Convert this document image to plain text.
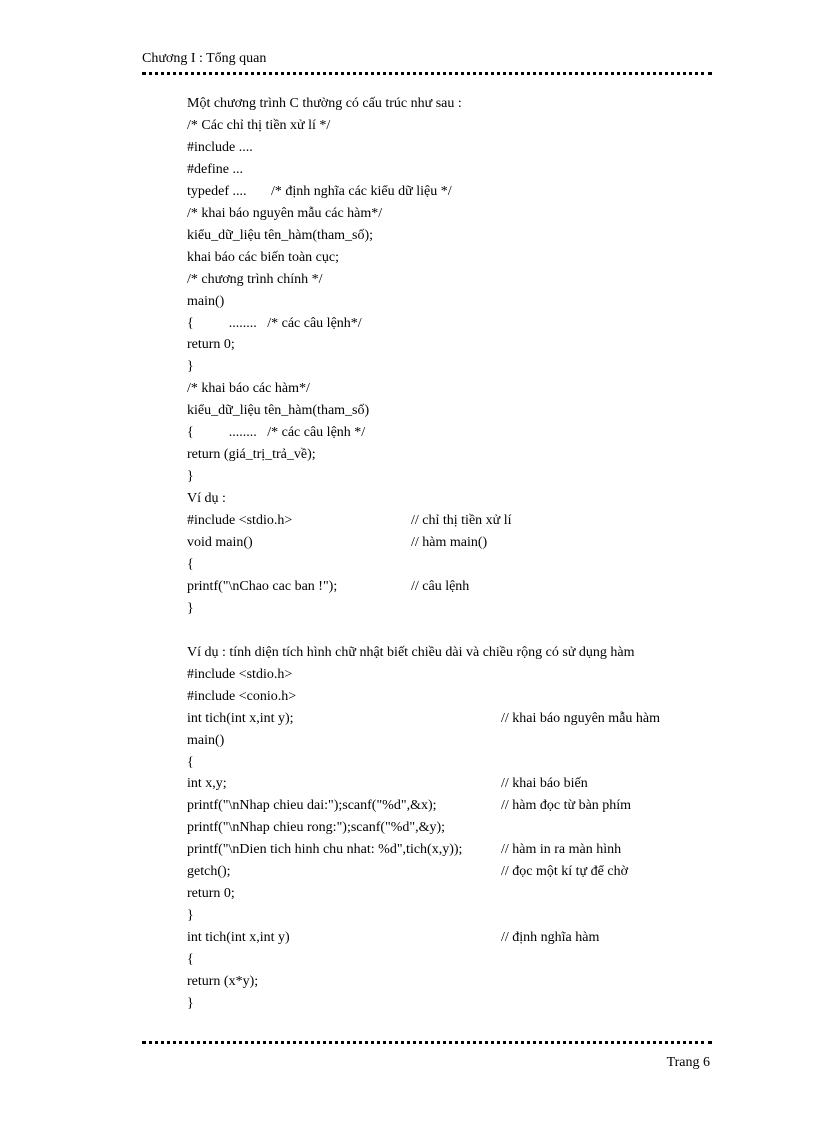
Chương I : Tổng quan
Một chương trình C thường có cấu trúc như sau :
/* Các chỉ thị tiền xử lí */
#include ....
#define ...
typedef ....       /* định nghĩa các kiểu dữ liệu */
/* khai báo nguyên mẫu các hàm*/
kiểu_dữ_liệu tên_hàm(tham_số);
khai báo các biến toàn cục;
/* chương trình chính */
main()
{          ........   /* các câu lệnh*/
return 0;
}
/* khai báo các hàm*/
kiểu_dữ_liệu tên_hàm(tham_số)
{          ........   /* các câu lệnh */
return (giá_trị_trả_về);
}
Ví dụ :
#include <stdio.h>	// chỉ thị tiền xử lí
void main()	// hàm main()
{
printf("\nChao cac ban !");	// câu lệnh
}
Ví dụ : tính diện tích hình chữ nhật biết chiều dài và chiều rộng có sử dụng hàm
#include <stdio.h>
#include <conio.h>
int tich(int x,int y);	// khai báo nguyên mẫu hàm
main()
{
int x,y;	// khai báo biến
printf("\nNhap chieu dai:");scanf("%d",&x);	// hàm đọc từ bàn phím
printf("\nNhap chieu rong:");scanf("%d",&y);
printf("\nDien tich hinh chu nhat: %d",tich(x,y));	// hàm in ra màn hình
getch();	// đọc một kí tự để chờ
return 0;
}
int tich(int x,int y)	// định nghĩa hàm
{
return (x*y);
}
Trang 6
